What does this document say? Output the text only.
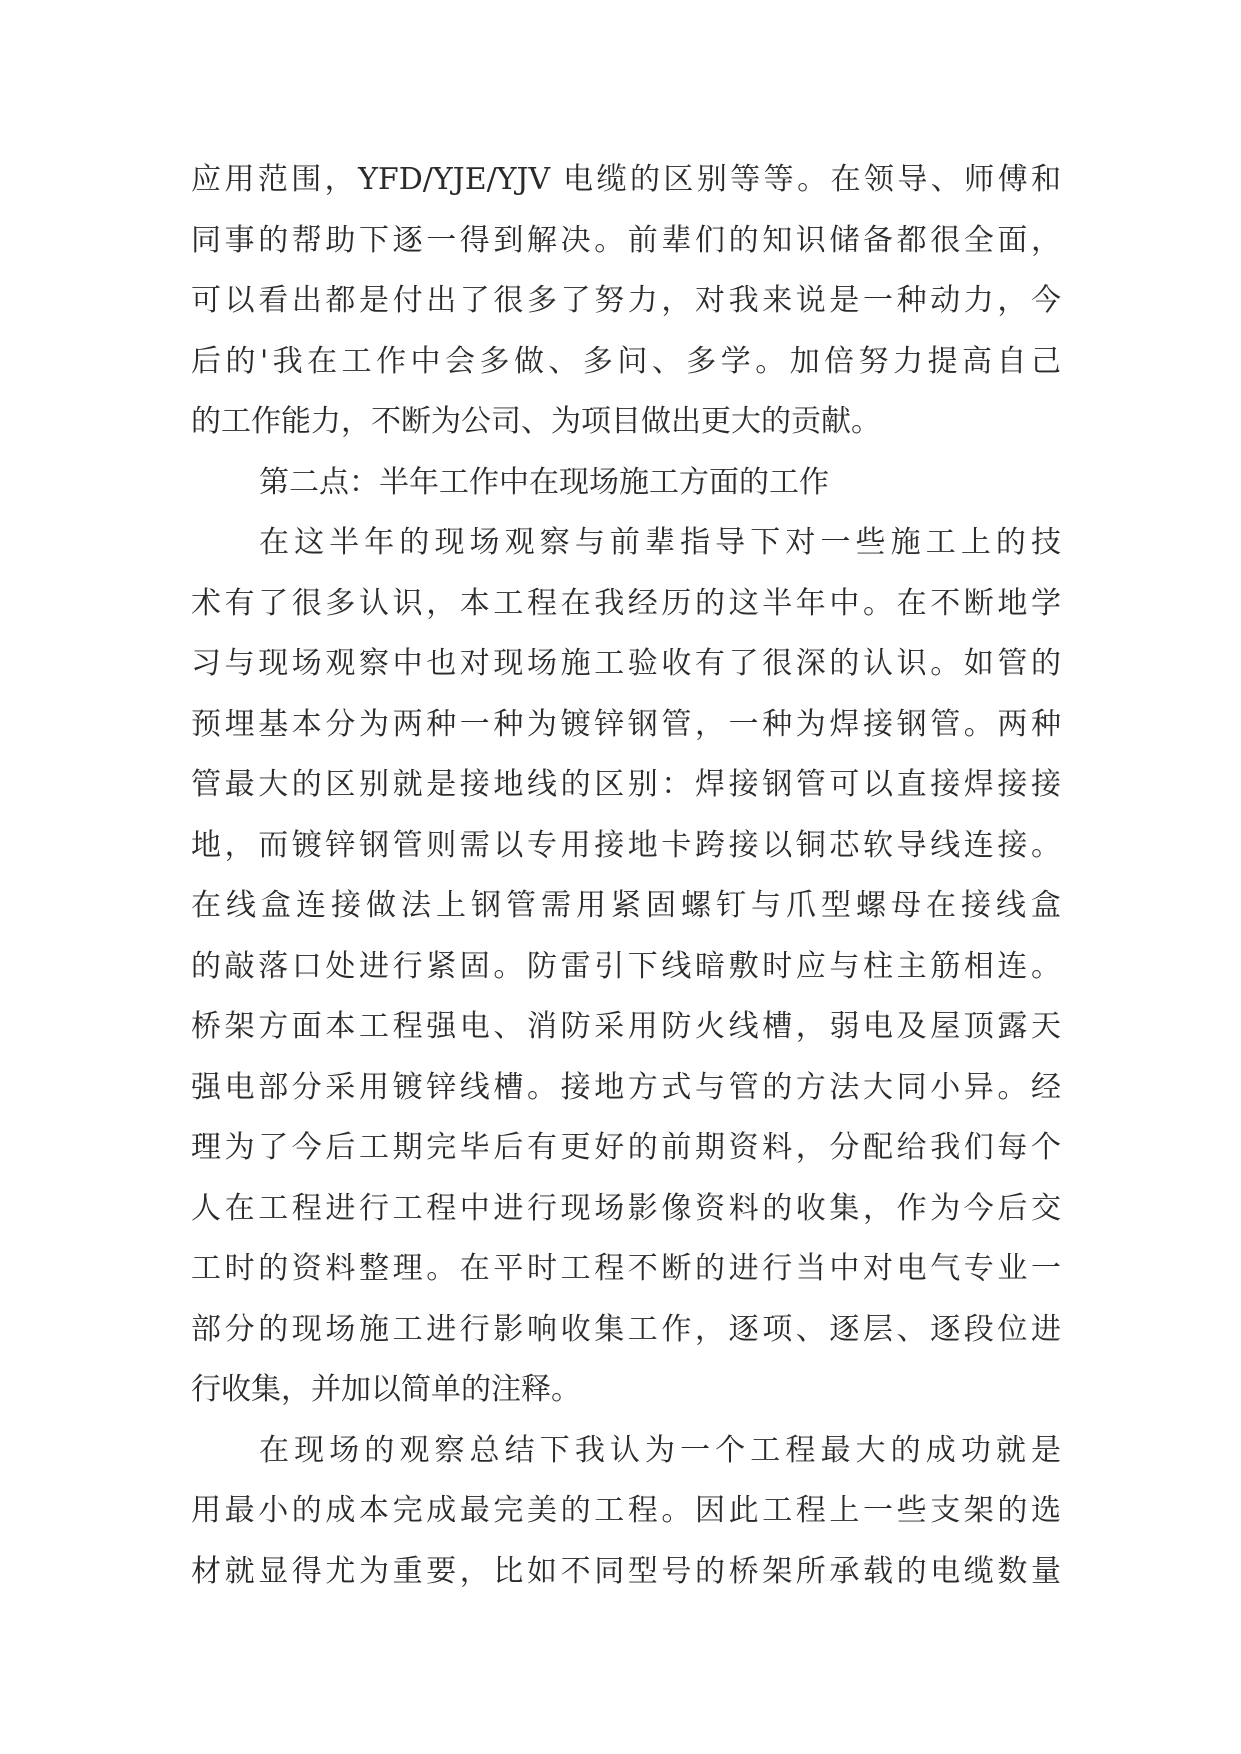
应用范围，YFD/YJE/YJV 电缆的区别等等。在领导、师傅和
同事的帮助下逐一得到解决。前辈们的知识储备都很全面，
可以看出都是付出了很多了努力，对我来说是一种动力，今
后的'我在工作中会多做、多问、多学。加倍努力提高自己
的工作能力，不断为公司、为项目做出更大的贡献。
第二点：半年工作中在现场施工方面的工作
在这半年的现场观察与前辈指导下对一些施工上的技
术有了很多认识，本工程在我经历的这半年中。在不断地学
习与现场观察中也对现场施工验收有了很深的认识。如管的
预埋基本分为两种一种为镀锌钢管，一种为焊接钢管。两种
管最大的区别就是接地线的区别：焊接钢管可以直接焊接接
地，而镀锌钢管则需以专用接地卡跨接以铜芯软导线连接。
在线盒连接做法上钢管需用紧固螺钉与爪型螺母在接线盒
的敲落口处进行紧固。防雷引下线暗敷时应与柱主筋相连。
桥架方面本工程强电、消防采用防火线槽，弱电及屋顶露天
强电部分采用镀锌线槽。接地方式与管的方法大同小异。经
理为了今后工期完毕后有更好的前期资料，分配给我们每个
人在工程进行工程中进行现场影像资料的收集，作为今后交
工时的资料整理。在平时工程不断的进行当中对电气专业一
部分的现场施工进行影响收集工作，逐项、逐层、逐段位进
行收集，并加以简单的注释。
在现场的观察总结下我认为一个工程最大的成功就是
用最小的成本完成最完美的工程。因此工程上一些支架的选
材就显得尤为重要，比如不同型号的桥架所承载的电缆数量
